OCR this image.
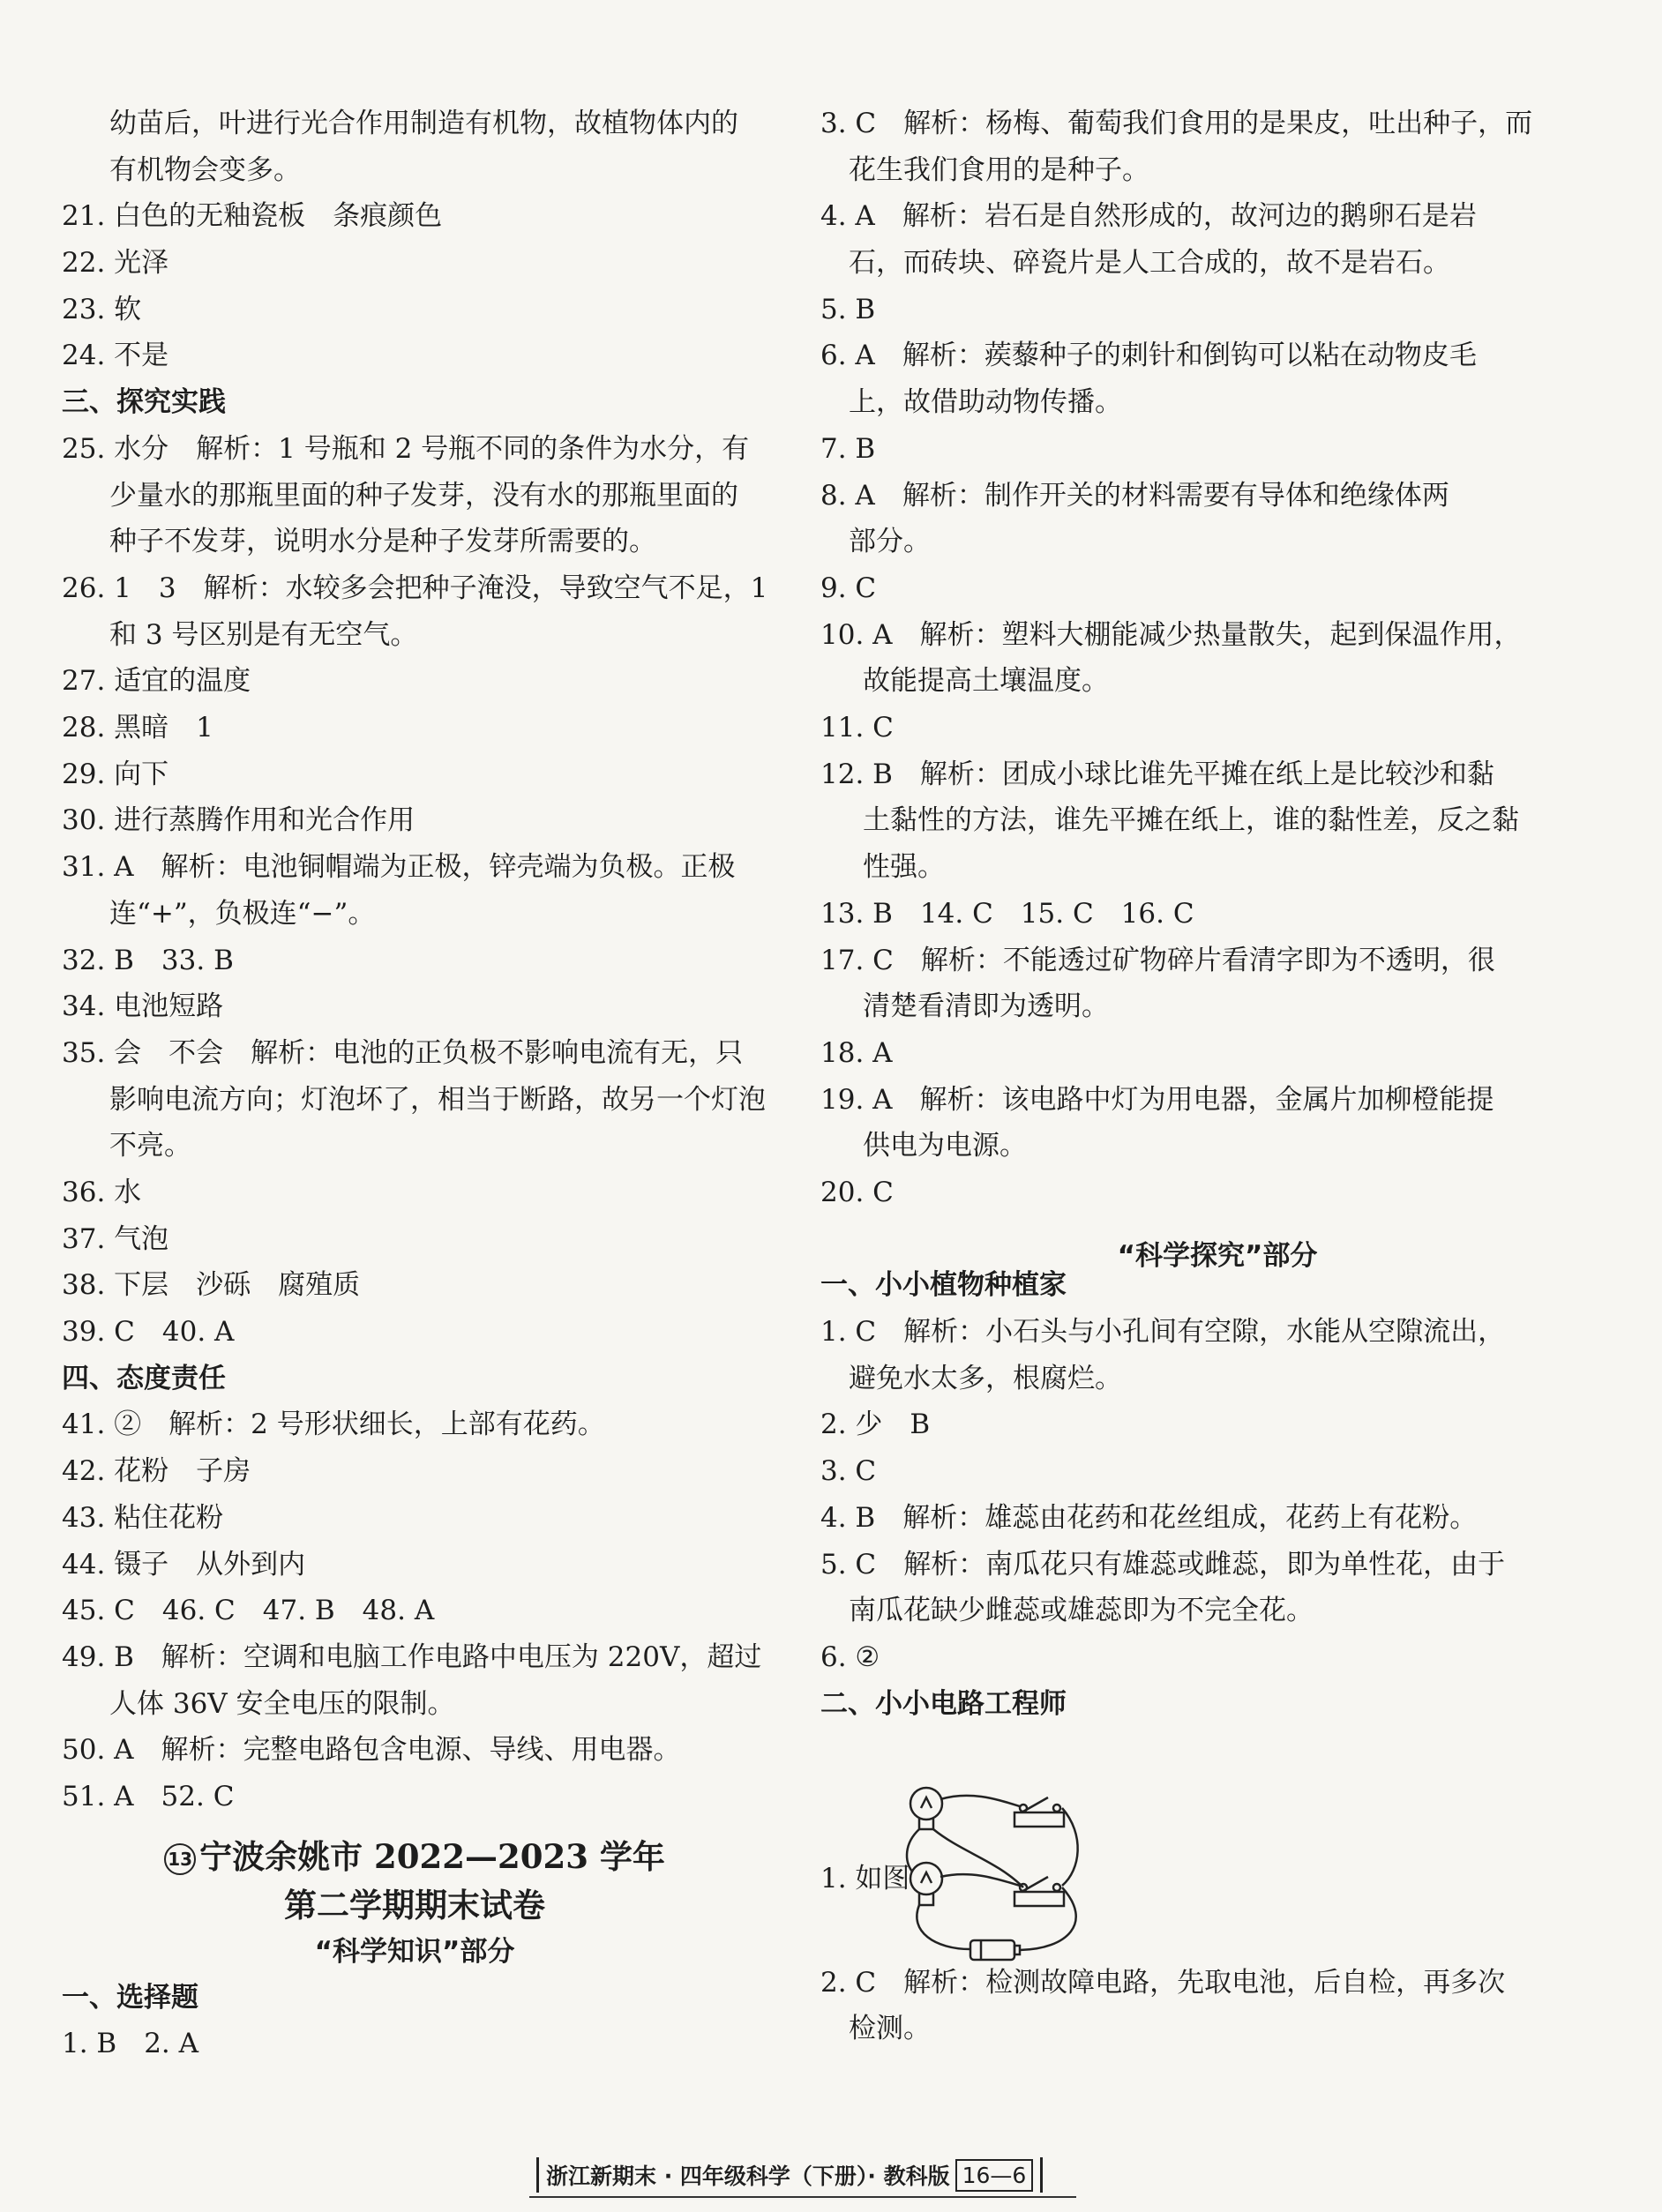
幼苗后，叶进行光合作用制造有机物，故植物体内的
有机物会变多。
21. 白色的无釉瓷板　条痕颜色
22. 光泽
23. 软
24. 不是
三、探究实践
25. 水分　解析：1 号瓶和 2 号瓶不同的条件为水分，有
少量水的那瓶里面的种子发芽，没有水的那瓶里面的
种子不发芽，说明水分是种子发芽所需要的。
26. 1　3　解析：水较多会把种子淹没，导致空气不足，1
和 3 号区别是有无空气。
27. 适宜的温度
28. 黑暗　1
29. 向下
30. 进行蒸腾作用和光合作用
31. A　解析：电池铜帽端为正极，锌壳端为负极。正极
连“+”，负极连“−”。
32. B　33. B
34. 电池短路
35. 会　不会　解析：电池的正负极不影响电流有无，只
影响电流方向；灯泡坏了，相当于断路，故另一个灯泡
不亮。
36. 水
37. 气泡
38. 下层　沙砾　腐殖质
39. C　40. A
四、态度责任
41. ②　解析：2 号形状细长，上部有花药。
42. 花粉　子房
43. 粘住花粉
44. 镊子　从外到内
45. C　46. C　47. B　48. A
49. B　解析：空调和电脑工作电路中电压为 220V，超过
人体 36V 安全电压的限制。
50. A　解析：完整电路包含电源、导线、用电器。
51. A　52. C
3. C　解析：杨梅、葡萄我们食用的是果皮，吐出种子，而
花生我们食用的是种子。
4. A　解析：岩石是自然形成的，故河边的鹅卵石是岩
石，而砖块、碎瓷片是人工合成的，故不是岩石。
5. B
6. A　解析：蒺藜种子的刺针和倒钩可以粘在动物皮毛
上，故借助动物传播。
7. B
8. A　解析：制作开关的材料需要有导体和绝缘体两
部分。
9. C
10. A　解析：塑料大棚能减少热量散失，起到保温作用，
故能提高土壤温度。
11. C
12. B　解析：团成小球比谁先平摊在纸上是比较沙和黏
土黏性的方法，谁先平摊在纸上，谁的黏性差，反之黏
性强。
13. B　14. C　15. C　16. C
17. C　解析：不能透过矿物碎片看清字即为不透明，很
清楚看清即为透明。
18. A
19. A　解析：该电路中灯为用电器，金属片加柳橙能提
供电为电源。
20. C
一、小小植物种植家
1. C　解析：小石头与小孔间有空隙，水能从空隙流出，
避免水太多，根腐烂。
2. 少　B
3. C
4. B　解析：雄蕊由花药和花丝组成，花药上有花粉。
5. C　解析：南瓜花只有雄蕊或雌蕊，即为单性花，由于
南瓜花缺少雌蕊或雄蕊即为不完全花。
6. ②
二、小小电路工程师
2. C　解析：检测故障电路，先取电池，后自检，再多次
检测。
13 宁波余姚市 2022—2023 学年
第二学期期末试卷
“科学知识”部分
一、选择题
1. B　2. A
“科学探究”部分
1. 如图
浙江新期末 · 四年级科学（下册）· 教科版 16—6
